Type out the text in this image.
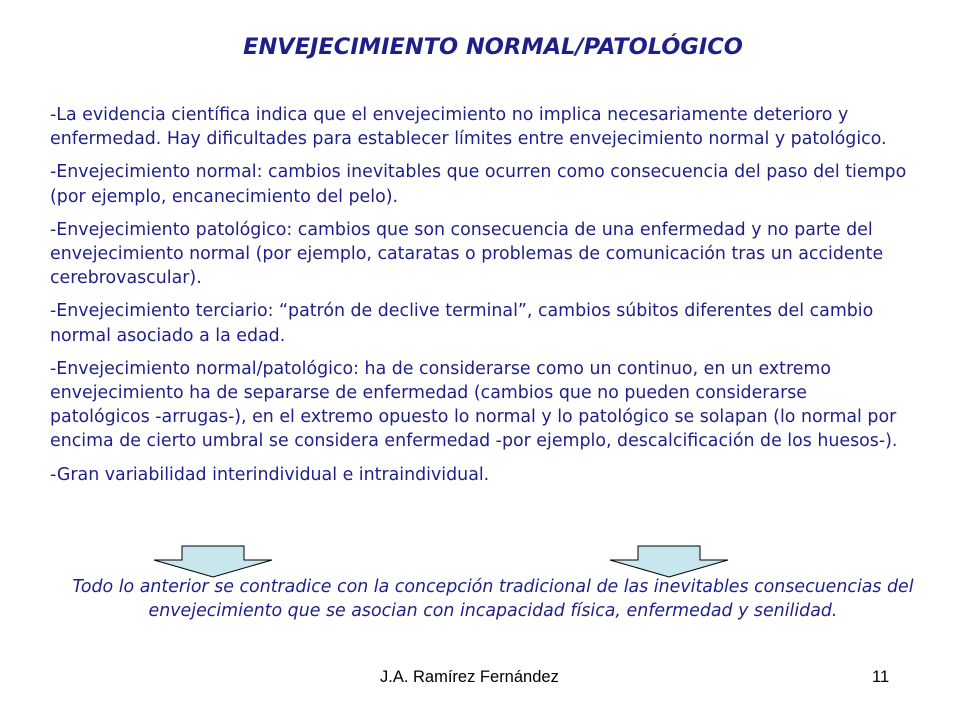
ENVEJECIMIENTO NORMAL/PATOLÓGICO

-La evidencia científica indica que el envejecimiento no implica necesariamente deterioro y enfermedad. Hay dificultades para establecer límites entre envejecimiento normal y patológico.

-Envejecimiento normal: cambios inevitables que ocurren como consecuencia del paso del tiempo (por ejemplo, encanecimiento del pelo).

-Envejecimiento patológico: cambios que son consecuencia de una enfermedad y no parte del envejecimiento normal (por ejemplo, cataratas o problemas de comunicación tras un accidente cerebrovascular).

-Envejecimiento terciario: “patrón de declive terminal”, cambios súbitos diferentes del cambio normal asociado a la edad.

-Envejecimiento normal/patológico: ha de considerarse como un continuo, en un extremo envejecimiento ha de separarse de enfermedad (cambios que no pueden considerarse patológicos -arrugas-), en el extremo opuesto lo normal y lo patológico se solapan (lo normal por encima de cierto umbral se considera enfermedad -por ejemplo, descalcificación de los huesos-).

-Gran variabilidad interindividual e intraindividual.

Todo lo anterior se contradice con la concepción tradicional de las inevitables consecuencias del envejecimiento que se asocian con incapacidad física, enfermedad y senilidad.
J.A. Ramírez Fernández	11
